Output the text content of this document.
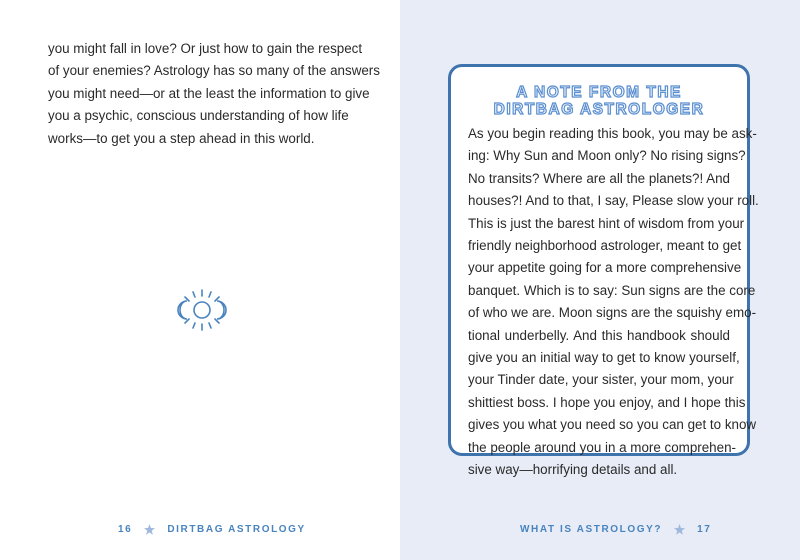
you might fall in love? Or just how to gain the respect
of your enemies? Astrology has so many of the answers
you might need—or at the least the information to give
you a psychic, conscious understanding of how life
works—to get you a step ahead in this world.

16	DIRTBAG ASTROLOGY
A NOTE FROM THE
DIRTBAG ASTROLOGER

As you begin reading this book, you may be ask-
ing: Why Sun and Moon only? No rising signs?
No transits? Where are all the planets?! And
houses?! And to that, I say, Please slow your roll.
This is just the barest hint of wisdom from your
friendly neighborhood astrologer, meant to get
your appetite going for a more comprehensive
banquet. Which is to say: Sun signs are the core
of who we are. Moon signs are the squishy emo-
tional underbelly. And this handbook should
give you an initial way to get to know yourself,
your Tinder date, your sister, your mom, your
shittiest boss. I hope you enjoy, and I hope this
gives you what you need so you can get to know
the people around you in a more comprehen-
sive way—horrifying details and all.

WHAT IS ASTROLOGY?	17
